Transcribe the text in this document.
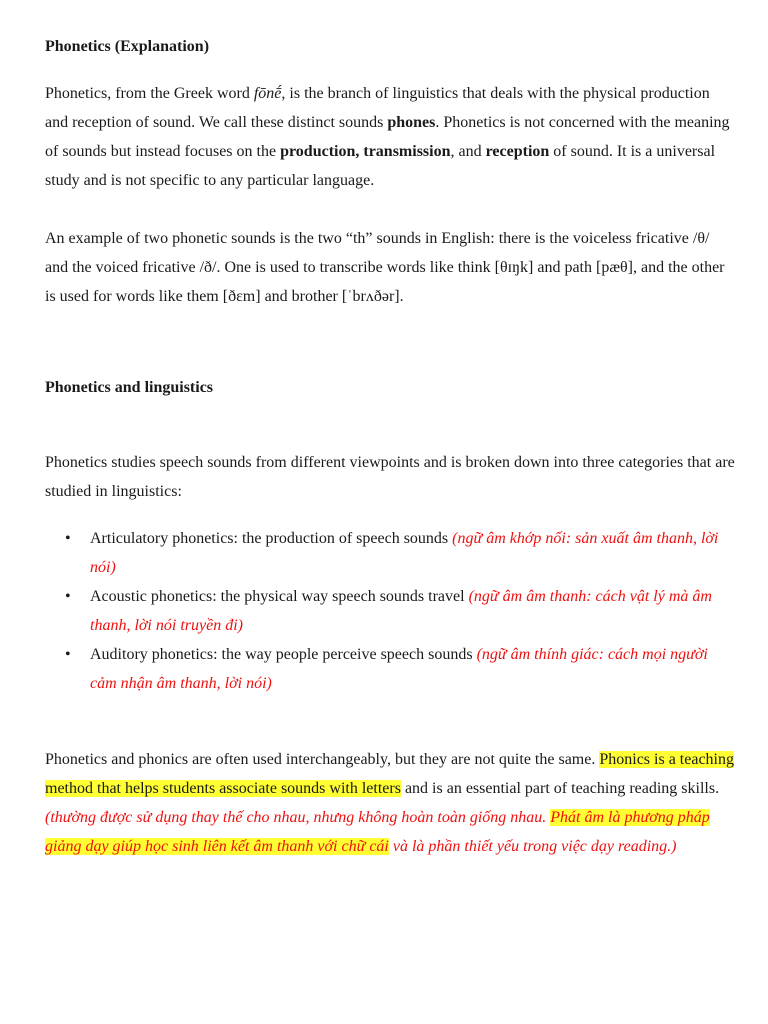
Phonetics (Explanation)

Phonetics, from the Greek word fōnḗ, is the branch of linguistics that deals with the physical production and reception of sound. We call these distinct sounds phones. Phonetics is not concerned with the meaning of sounds but instead focuses on the production, transmission, and reception of sound. It is a universal study and is not specific to any particular language.

An example of two phonetic sounds is the two “th” sounds in English: there is the voiceless fricative /θ/ and the voiced fricative /ð/. One is used to transcribe words like think [θɪŋk] and path [pæθ], and the other is used for words like them [ðɛm] and brother [ˈbrʌðər].

Phonetics and linguistics

Phonetics studies speech sounds from different viewpoints and is broken down into three categories that are studied in linguistics:

• Articulatory phonetics: the production of speech sounds (ngữ âm khớp nối: sản xuất âm thanh, lời nói)
• Acoustic phonetics: the physical way speech sounds travel (ngữ âm âm thanh: cách vật lý mà âm thanh, lời nói truyền đi)
• Auditory phonetics: the way people perceive speech sounds (ngữ âm thính giác: cách mọi người cảm nhận âm thanh, lời nói)

Phonetics and phonics are often used interchangeably, but they are not quite the same. Phonics is a teaching method that helps students associate sounds with letters and is an essential part of teaching reading skills. (thường được sử dụng thay thế cho nhau, nhưng không hoàn toàn giống nhau. Phát âm là phương pháp giảng dạy giúp học sinh liên kết âm thanh với chữ cái và là phần thiết yếu trong việc dạy reading.)
